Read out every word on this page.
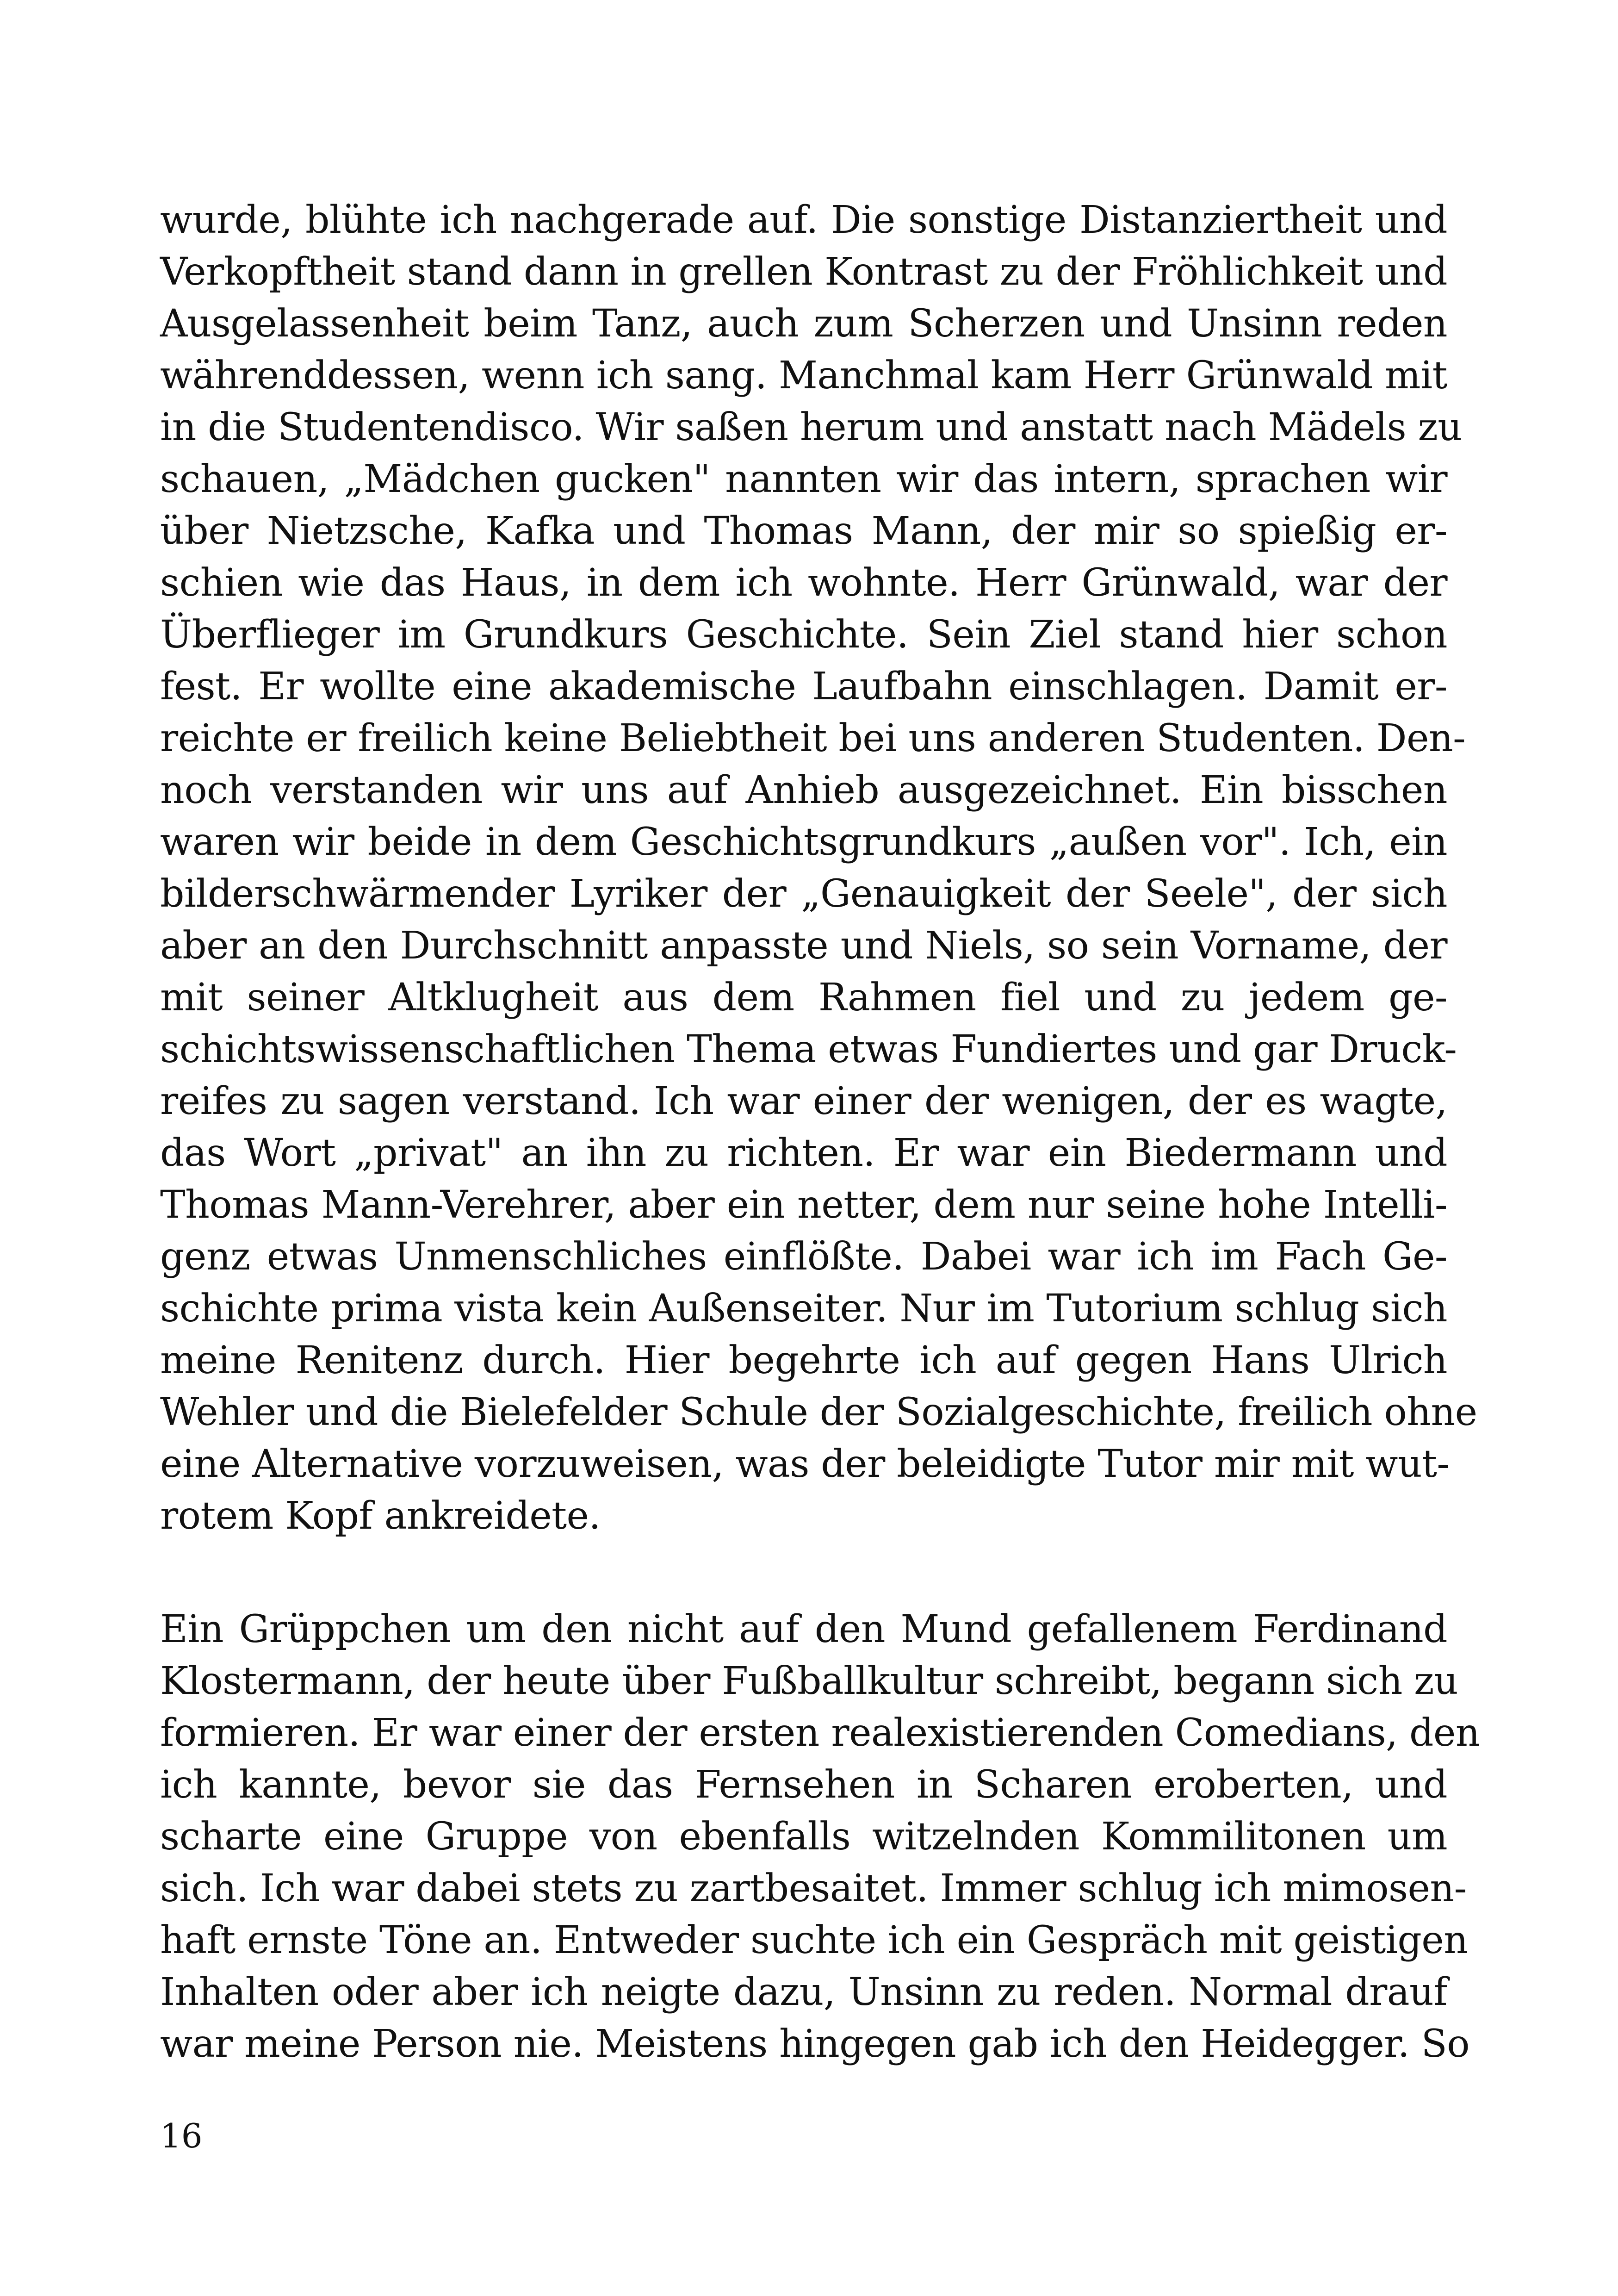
wurde, blühte ich nachgerade auf. Die sonstige Distanziertheit und
Verkopftheit stand dann in grellen Kontrast zu der Fröhlichkeit und
Ausgelassenheit beim Tanz, auch zum Scherzen und Unsinn reden
währenddessen, wenn ich sang. Manchmal kam Herr Grünwald mit
in die Studentendisco. Wir saßen herum und anstatt nach Mädels zu
schauen, „Mädchen gucken" nannten wir das intern, sprachen wir
über Nietzsche, Kafka und Thomas Mann, der mir so spießig er-
schien wie das Haus, in dem ich wohnte. Herr Grünwald, war der
Überflieger im Grundkurs Geschichte. Sein Ziel stand hier schon
fest. Er wollte eine akademische Laufbahn einschlagen. Damit er-
reichte er freilich keine Beliebtheit bei uns anderen Studenten. Den-
noch verstanden wir uns auf Anhieb ausgezeichnet. Ein bisschen
waren wir beide in dem Geschichtsgrundkurs „außen vor". Ich, ein
bilderschwärmender Lyriker der „Genauigkeit der Seele", der sich
aber an den Durchschnitt anpasste und Niels, so sein Vorname, der
mit seiner Altklugheit aus dem Rahmen fiel und zu jedem ge-
schichtswissenschaftlichen Thema etwas Fundiertes und gar Druck-
reifes zu sagen verstand. Ich war einer der wenigen, der es wagte,
das Wort „privat" an ihn zu richten. Er war ein Biedermann und
Thomas Mann-Verehrer, aber ein netter, dem nur seine hohe Intelli-
genz etwas Unmenschliches einflößte. Dabei war ich im Fach Ge-
schichte prima vista kein Außenseiter. Nur im Tutorium schlug sich
meine Renitenz durch. Hier begehrte ich auf gegen Hans Ulrich
Wehler und die Bielefelder Schule der Sozialgeschichte, freilich ohne
eine Alternative vorzuweisen, was der beleidigte Tutor mir mit wut-
rotem Kopf ankreidete.
Ein Grüppchen um den nicht auf den Mund gefallenem Ferdinand
Klostermann, der heute über Fußballkultur schreibt, begann sich zu
formieren. Er war einer der ersten realexistierenden Comedians, den
ich kannte, bevor sie das Fernsehen in Scharen eroberten, und
scharte eine Gruppe von ebenfalls witzelnden Kommilitonen um
sich. Ich war dabei stets zu zartbesaitet. Immer schlug ich mimosen-
haft ernste Töne an. Entweder suchte ich ein Gespräch mit geistigen
Inhalten oder aber ich neigte dazu, Unsinn zu reden. Normal drauf
war meine Person nie. Meistens hingegen gab ich den Heidegger. So
16
